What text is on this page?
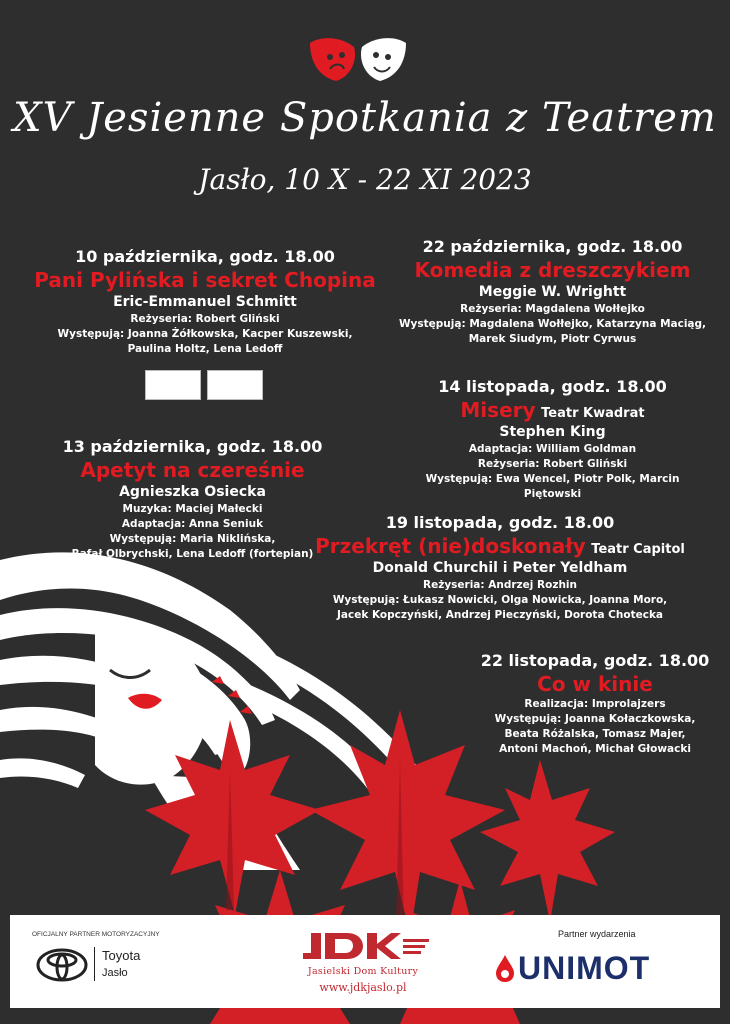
XV Jesienne Spotkania z Teatrem
Jasło, 10 X - 22 XI 2023
10 października, godz. 18.00
Pani Pylińska i sekret Chopina
Eric-Emmanuel Schmitt
Reżyseria: Robert Gliński
Występują: Joanna Żółkowska, Kacper Kuszewski,
Paulina Holtz, Lena Ledoff
22 października, godz. 18.00
Komedia z dreszczykiem
Meggie W. Wrightt
Reżyseria: Magdalena Wołłejko
Występują: Magdalena Wołłejko, Katarzyna Maciąg,
Marek Siudym, Piotr Cyrwus
14 listopada, godz. 18.00
Misery Teatr Kwadrat
Stephen King
Adaptacja: William Goldman
Reżyseria: Robert Gliński
Występują: Ewa Wencel, Piotr Polk, Marcin Piętowski
13 października, godz. 18.00
Apetyt na czereśnie
Agnieszka Osiecka
Muzyka: Maciej Małecki
Adaptacja: Anna Seniuk
Występują: Maria Niklińska,
Rafał Olbrychski, Lena Ledoff (fortepian)
19 listopada, godz. 18.00
Przekręt (nie)doskonały Teatr Capitol
Donald Churchil i Peter Yeldham
Reżyseria: Andrzej Rozhin
Występują: Łukasz Nowicki, Olga Nowicka, Joanna Moro,
Jacek Kopczyński, Andrzej Pieczyński, Dorota Chotecka
22 listopada, godz. 18.00
Co w kinie
Realizacja: Improlajzers
Występują: Joanna Kołaczkowska,
Beata Różalska, Tomasz Majer,
Antoni Machoń, Michał Głowacki
OFICJALNY PARTNER MOTORYZACYJNY
Toyota
Jasło	Jasielski Dom Kultury
www.jdkjaslo.pl
Partner wydarzenia
UNIMOT
